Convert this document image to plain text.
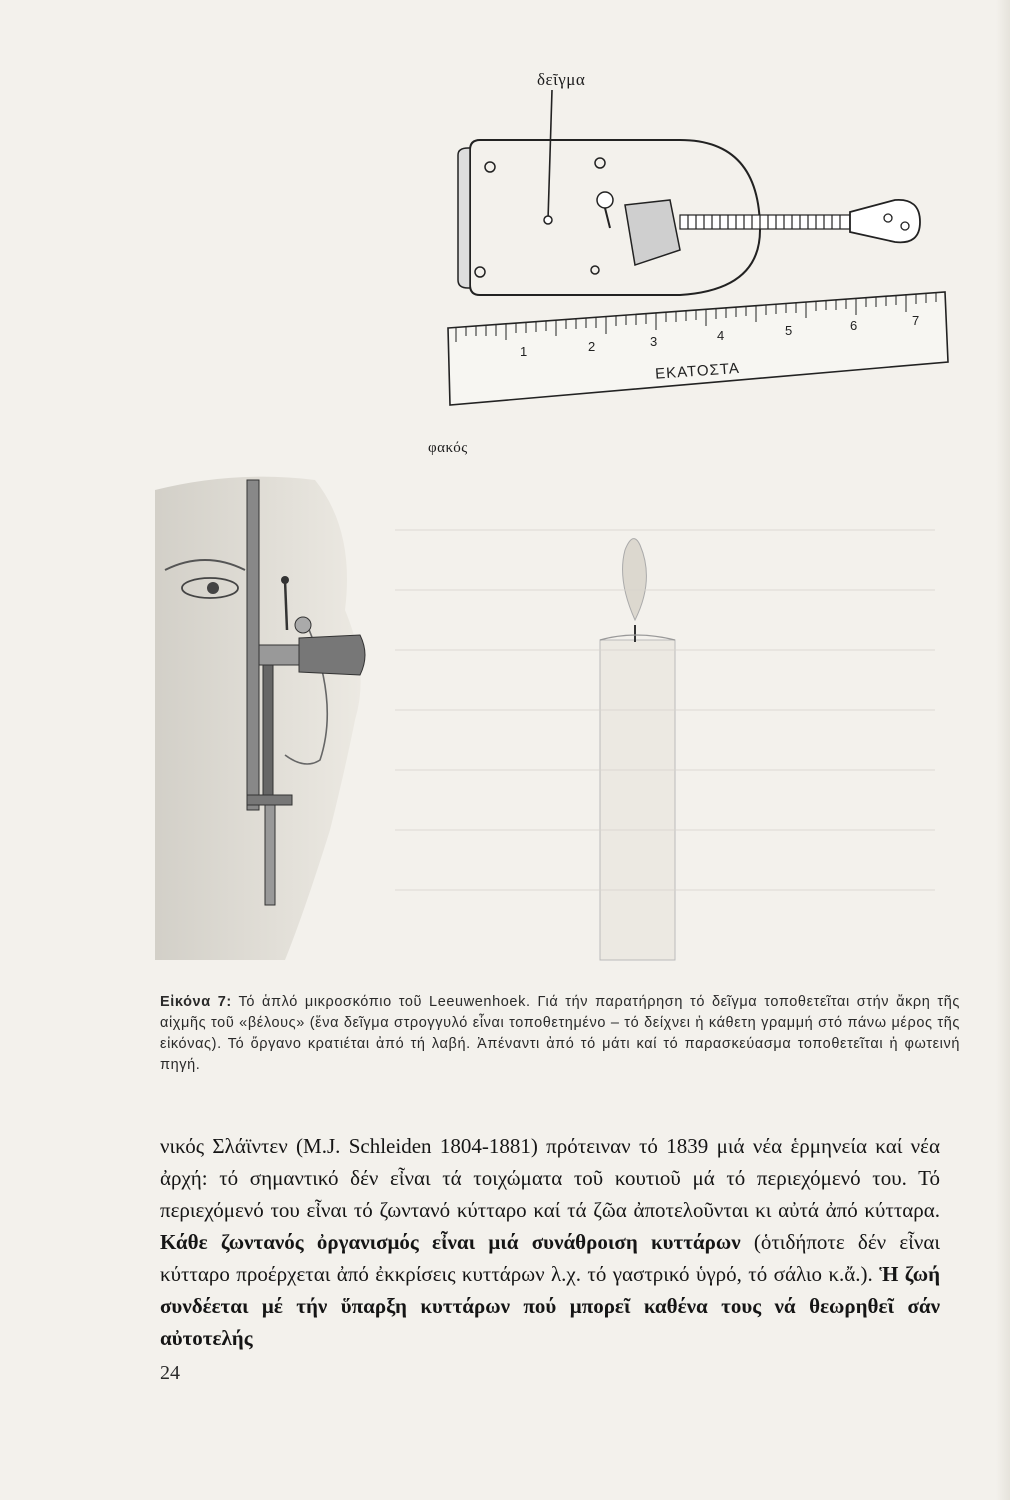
δεῖγμα
1	2	3	4	5	6	7
ΕΚΑΤΟΣΤΑ
φακός
Εἰκόνα 7: Τό ἁπλό μικροσκόπιο τοῦ Leeuwenhoek. Γιά τήν παρατήρηση τό δεῖγμα τοποθετεῖται στήν ἄκρη τῆς αἰχμῆς τοῦ «βέλους» (ἕνα δεῖγμα στρογγυλό εἶναι τοποθετημένο – τό δείχνει ἡ κάθετη γραμμή στό πάνω μέρος τῆς εἰκόνας). Τό ὄργανο κρατιέται ἀπό τή λαβή. Ἀπέναντι ἀπό τό μάτι καί τό παρασκεύασμα τοποθετεῖται ἡ φωτεινή πηγή.
νικός Σλάϊντεν (M.J. Schleiden 1804-1881) πρότειναν τό 1839 μιά νέα ἑρμηνεία καί νέα ἀρχή: τό σημαντικό δέν εἶναι τά τοιχώματα τοῦ κουτιοῦ μά τό περιεχόμενό του. Τό περιεχόμενό του εἶναι τό ζωντανό κύτταρο καί τά ζῶα ἀποτελοῦνται κι αὐτά ἀπό κύτταρα. Κάθε ζωντανός ὀργανισμός εἶναι μιά συνάθροιση κυττάρων (ὁτιδήποτε δέν εἶναι κύτταρο προέρχεται ἀπό ἐκκρίσεις κυττάρων λ.χ. τό γαστρικό ὑγρό, τό σάλιο κ.ἄ.). Ἡ ζωή συνδέεται μέ τήν ὕπαρξη κυττάρων πού μπορεῖ καθένα τους νά θεωρηθεῖ σάν αὐτοτελής
24
